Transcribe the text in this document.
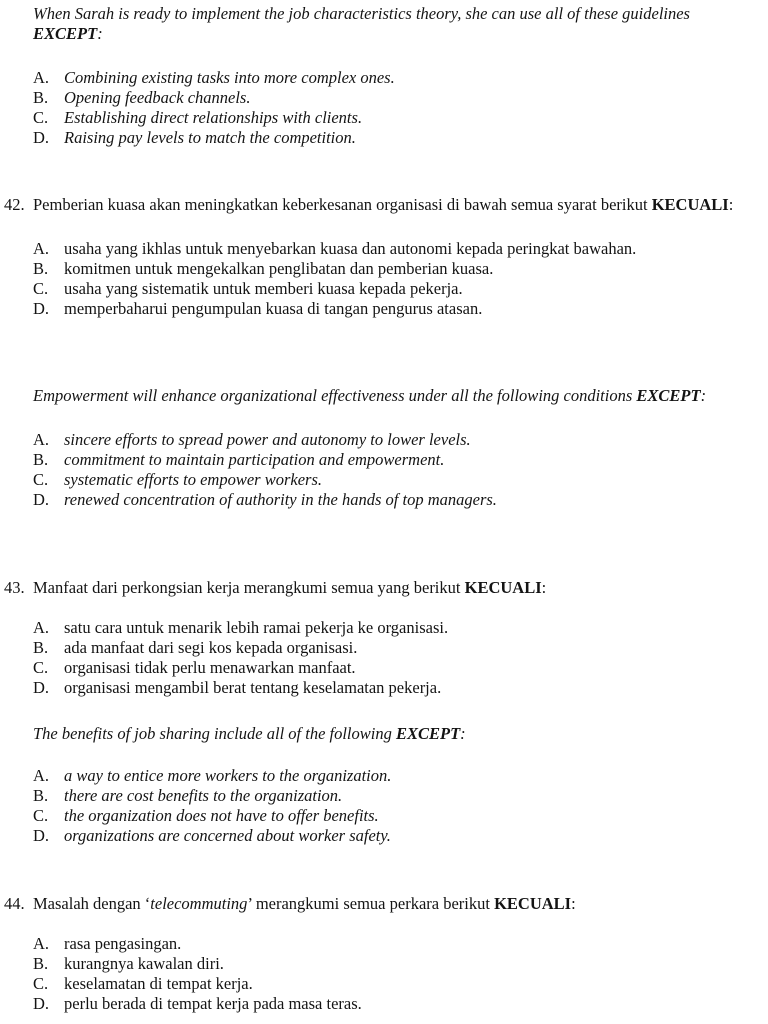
When Sarah is ready to implement the job characteristics theory, she can use all of these guidelines EXCEPT:
A. Combining existing tasks into more complex ones.
B. Opening feedback channels.
C. Establishing direct relationships with clients.
D. Raising pay levels to match the competition.
42. Pemberian kuasa akan meningkatkan keberkesanan organisasi di bawah semua syarat berikut KECUALI:
A. usaha yang ikhlas untuk menyebarkan kuasa dan autonomi kepada peringkat bawahan.
B. komitmen untuk mengekalkan penglibatan dan pemberian kuasa.
C. usaha yang sistematik untuk memberi kuasa kepada pekerja.
D. memperbaharui pengumpulan kuasa di tangan pengurus atasan.
Empowerment will enhance organizational effectiveness under all the following conditions EXCEPT:
A. sincere efforts to spread power and autonomy to lower levels.
B. commitment to maintain participation and empowerment.
C. systematic efforts to empower workers.
D. renewed concentration of authority in the hands of top managers.
43. Manfaat dari perkongsian kerja merangkumi semua yang berikut KECUALI:
A. satu cara untuk menarik lebih ramai pekerja ke organisasi.
B. ada manfaat dari segi kos kepada organisasi.
C. organisasi tidak perlu menawarkan manfaat.
D. organisasi mengambil berat tentang keselamatan pekerja.
The benefits of job sharing include all of the following EXCEPT:
A. a way to entice more workers to the organization.
B. there are cost benefits to the organization.
C. the organization does not have to offer benefits.
D. organizations are concerned about worker safety.
44. Masalah dengan ‘telecommuting’ merangkumi semua perkara berikut KECUALI:
A. rasa pengasingan.
B. kurangnya kawalan diri.
C. keselamatan di tempat kerja.
D. perlu berada di tempat kerja pada masa teras.
